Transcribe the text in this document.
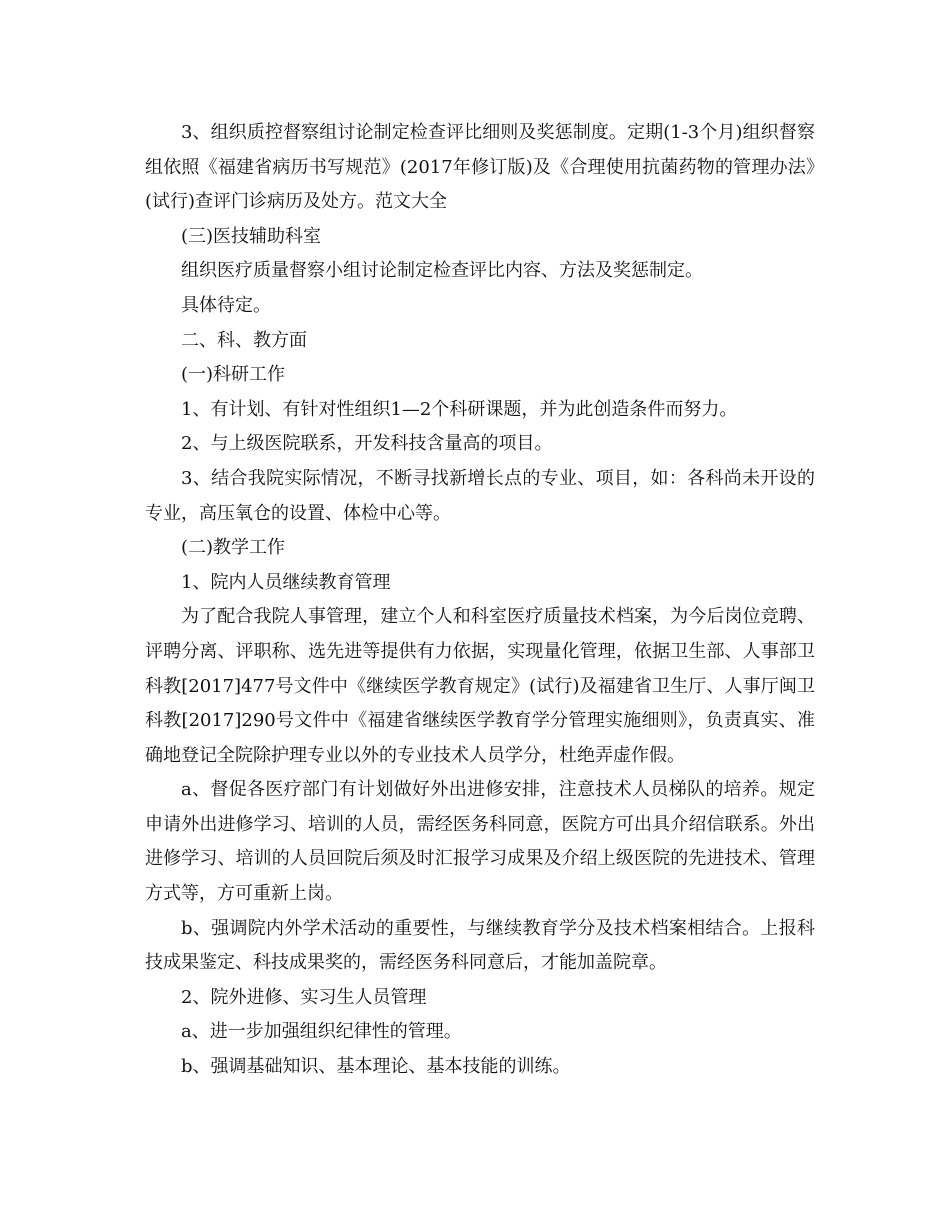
3、组织质控督察组讨论制定检查评比细则及奖惩制度。定期(1-3个月)组织督察组依照《福建省病历书写规范》(2017年修订版)及《合理使用抗菌药物的管理办法》(试行)查评门诊病历及处方。范文大全

(三)医技辅助科室

组织医疗质量督察小组讨论制定检查评比内容、方法及奖惩制定。

具体待定。

二、科、教方面

(一)科研工作

1、有计划、有针对性组织1—2个科研课题，并为此创造条件而努力。

2、与上级医院联系，开发科技含量高的项目。

3、结合我院实际情况，不断寻找新增长点的专业、项目，如：各科尚未开设的专业，高压氧仓的设置、体检中心等。

(二)教学工作

1、院内人员继续教育管理

为了配合我院人事管理，建立个人和科室医疗质量技术档案，为今后岗位竞聘、评聘分离、评职称、选先进等提供有力依据，实现量化管理，依据卫生部、人事部卫科教[2017]477号文件中《继续医学教育规定》(试行)及福建省卫生厅、人事厅闽卫科教[2017]290号文件中《福建省继续医学教育学分管理实施细则》，负责真实、准确地登记全院除护理专业以外的专业技术人员学分，杜绝弄虚作假。

a、督促各医疗部门有计划做好外出进修安排，注意技术人员梯队的培养。规定申请外出进修学习、培训的人员，需经医务科同意，医院方可出具介绍信联系。外出进修学习、培训的人员回院后须及时汇报学习成果及介绍上级医院的先进技术、管理方式等，方可重新上岗。

b、强调院内外学术活动的重要性，与继续教育学分及技术档案相结合。上报科技成果鉴定、科技成果奖的，需经医务科同意后，才能加盖院章。

2、院外进修、实习生人员管理

a、进一步加强组织纪律性的管理。

b、强调基础知识、基本理论、基本技能的训练。
